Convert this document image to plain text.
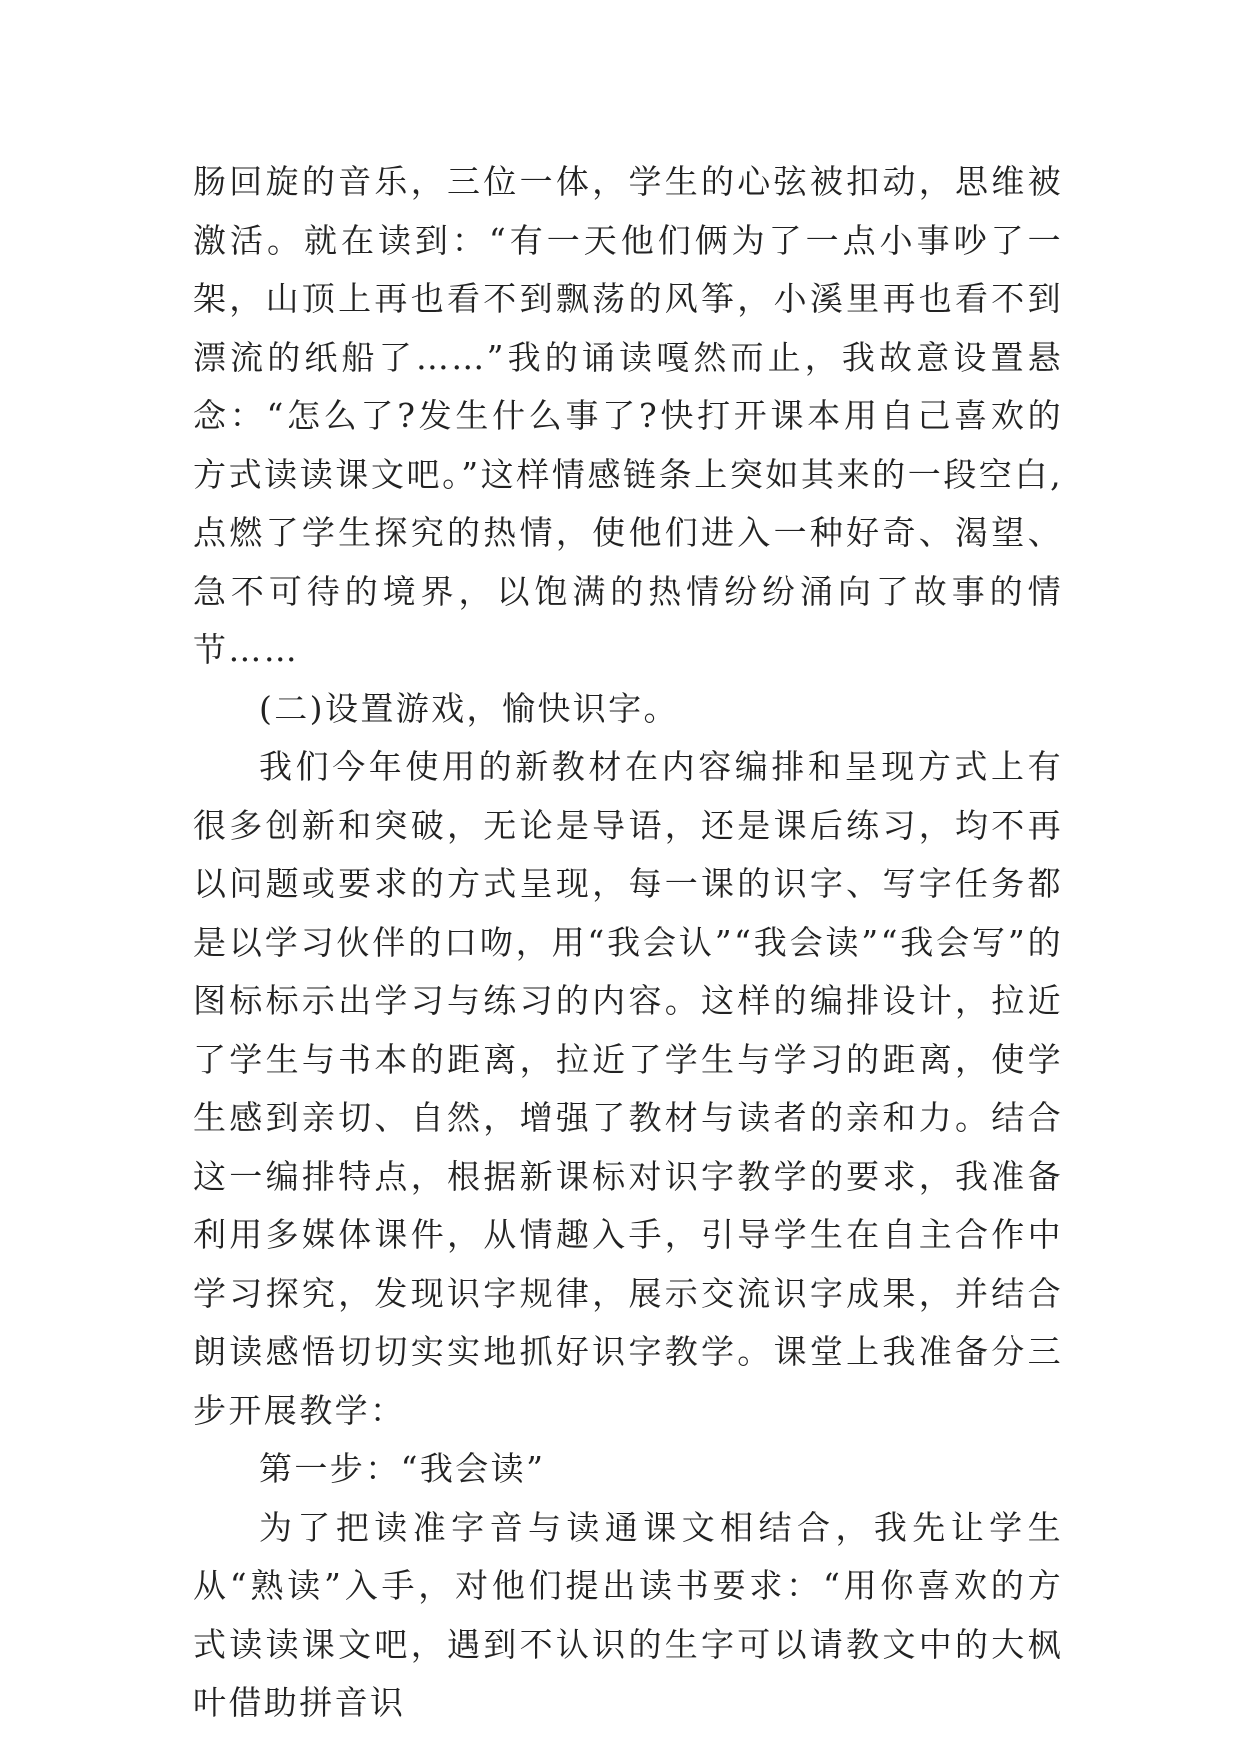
肠回旋的音乐，三位一体，学生的心弦被扣动，思维被激活。就在读到：“有一天他们俩为了一点小事吵了一架，山顶上再也看不到飘荡的风筝，小溪里再也看不到漂流的纸船了……”我的诵读嘎然而止，我故意设置悬念：“怎么了?发生什么事了?快打开课本用自己喜欢的方式读读课文吧。”这样情感链条上突如其来的一段空白,点燃了学生探究的热情，使他们进入一种好奇、渴望、急不可待的境界，以饱满的热情纷纷涌向了故事的情节……

(二)设置游戏，愉快识字。

我们今年使用的新教材在内容编排和呈现方式上有很多创新和突破，无论是导语，还是课后练习，均不再以问题或要求的方式呈现，每一课的识字、写字任务都是以学习伙伴的口吻，用“我会认”“我会读”“我会写”的图标标示出学习与练习的内容。这样的编排设计，拉近了学生与书本的距离，拉近了学生与学习的距离，使学生感到亲切、自然，增强了教材与读者的亲和力。结合这一编排特点，根据新课标对识字教学的要求，我准备利用多媒体课件，从情趣入手，引导学生在自主合作中学习探究，发现识字规律，展示交流识字成果，并结合朗读感悟切切实实地抓好识字教学。课堂上我准备分三步开展教学：

第一步：“我会读”

为了把读准字音与读通课文相结合，我先让学生从“熟读”入手，对他们提出读书要求：“用你喜欢的方式读读课文吧，遇到不认识的生字可以请教文中的大枫叶借助拼音识
